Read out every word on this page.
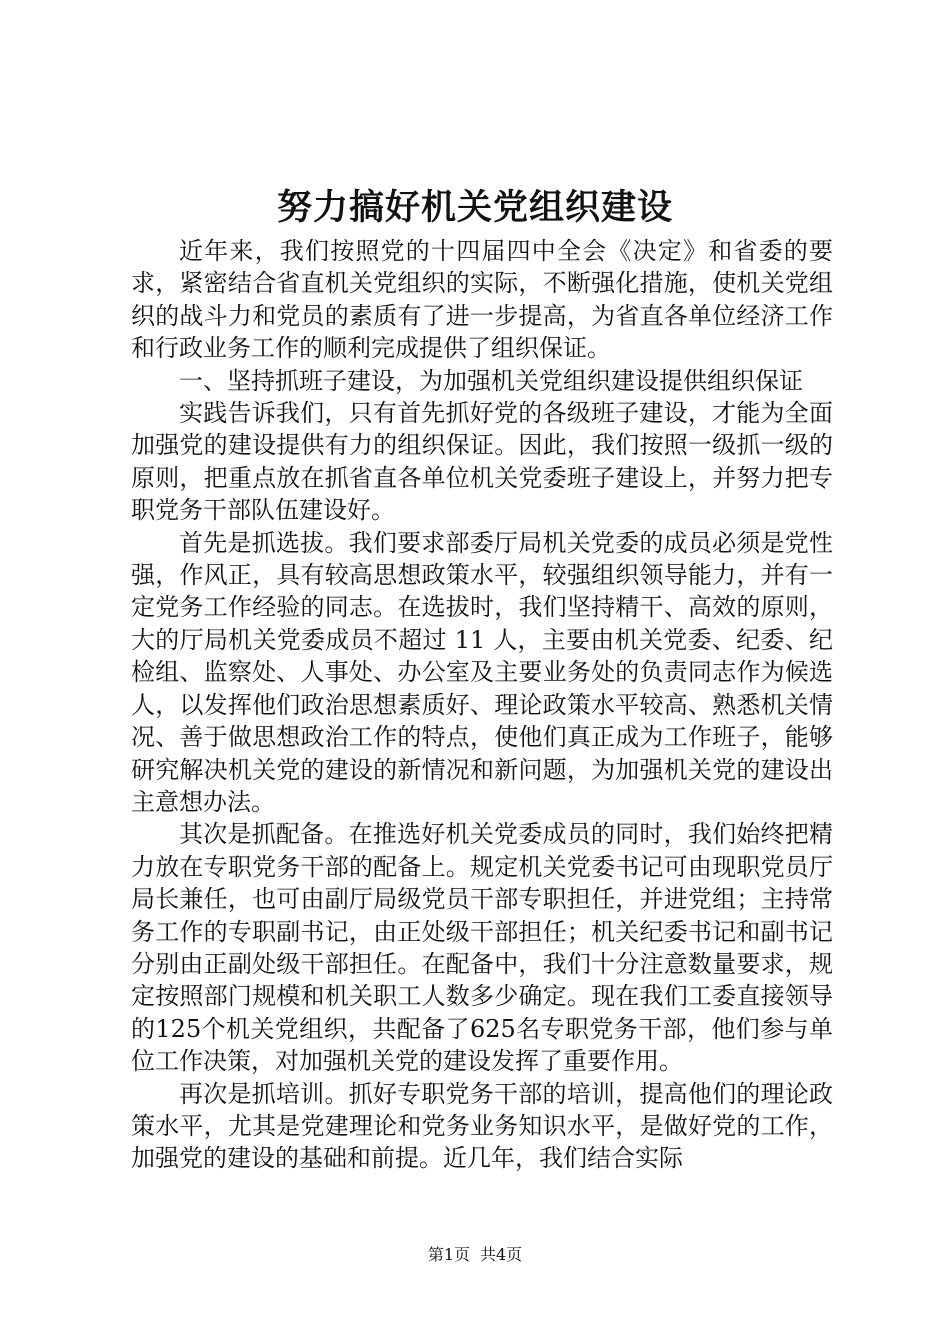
努力搞好机关党组织建设

近年来，我们按照党的十四届四中全会《决定》和省委的要求，紧密结合省直机关党组织的实际，不断强化措施，使机关党组织的战斗力和党员的素质有了进一步提高，为省直各单位经济工作和行政业务工作的顺利完成提供了组织保证。

一、坚持抓班子建设，为加强机关党组织建设提供组织保证

实践告诉我们，只有首先抓好党的各级班子建设，才能为全面加强党的建设提供有力的组织保证。因此，我们按照一级抓一级的原则，把重点放在抓省直各单位机关党委班子建设上，并努力把专职党务干部队伍建设好。

首先是抓选拔。我们要求部委厅局机关党委的成员必须是党性强，作风正，具有较高思想政策水平，较强组织领导能力，并有一定党务工作经验的同志。在选拔时，我们坚持精干、高效的原则，大的厅局机关党委成员不超过 11 人，主要由机关党委、纪委、纪检组、监察处、人事处、办公室及主要业务处的负责同志作为候选人，以发挥他们政治思想素质好、理论政策水平较高、熟悉机关情况、善于做思想政治工作的特点，使他们真正成为工作班子，能够研究解决机关党的建设的新情况和新问题，为加强机关党的建设出主意想办法。

其次是抓配备。在推选好机关党委成员的同时，我们始终把精力放在专职党务干部的配备上。规定机关党委书记可由现职党员厅局长兼任，也可由副厅局级党员干部专职担任，并进党组；主持常务工作的专职副书记，由正处级干部担任；机关纪委书记和副书记分别由正副处级干部担任。在配备中，我们十分注意数量要求，规定按照部门规模和机关职工人数多少确定。现在我们工委直接领导的125个机关党组织，共配备了625名专职党务干部，他们参与单位工作决策，对加强机关党的建设发挥了重要作用。

再次是抓培训。抓好专职党务干部的培训，提高他们的理论政策水平，尤其是党建理论和党务业务知识水平，是做好党的工作，加强党的建设的基础和前提。近几年，我们结合实际

第1页 共4页
